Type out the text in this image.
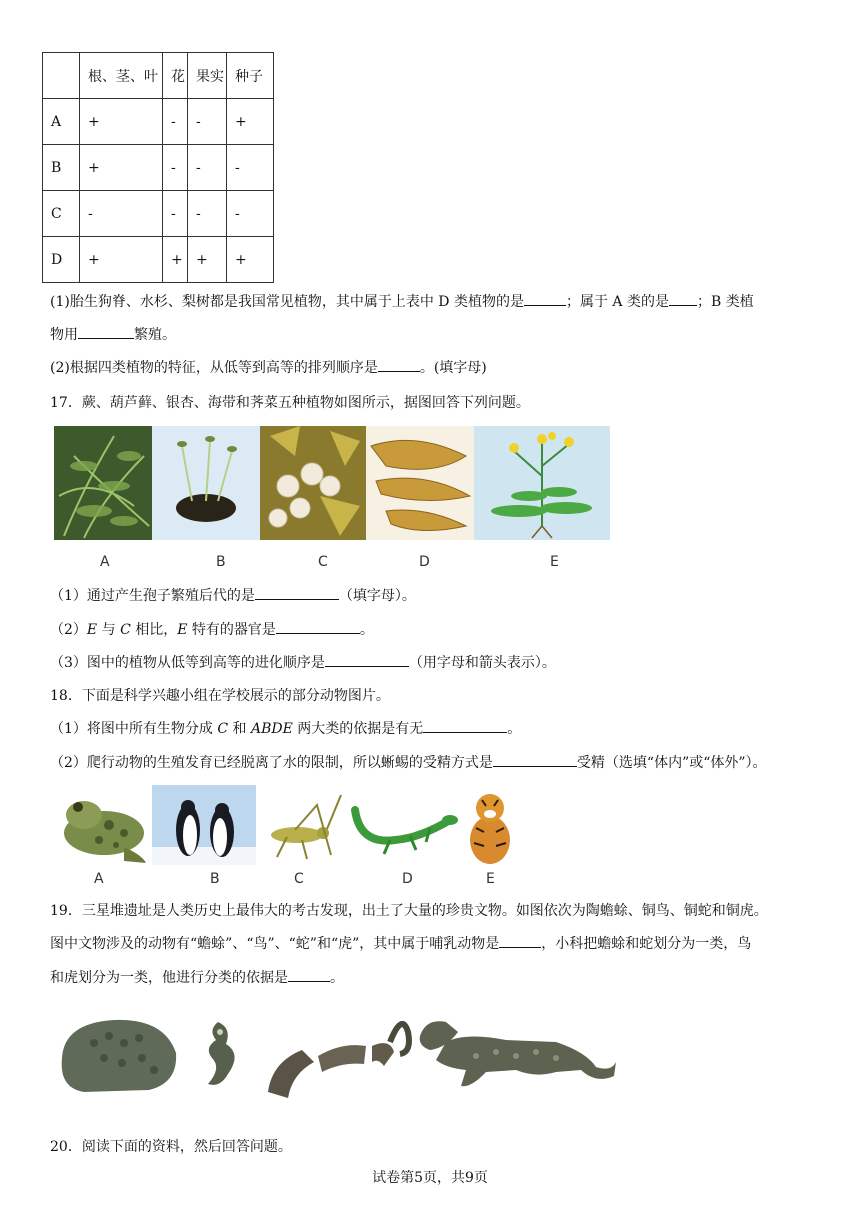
	根、茎、叶	花	果实	种子
A	+	-	-	+
B	+	-	-	-
C	-	-	-	-
D	+	+	+	+
(1)胎生狗脊、水杉、梨树都是我国常见植物，其中属于上表中 D 类植物的是	；属于 A 类的是 ；B 类植
物用	繁殖。
(2)根据四类植物的特征，从低等到高等的排列顺序是	。(填字母)
17．蕨、葫芦藓、银杏、海带和荠菜五种植物如图所示，据图回答下列问题。
A	B	C	D	E
（1）通过产生孢子繁殖后代的是	（填字母）。
（2）E 与 C 相比，E 特有的器官是	。
（3）图中的植物从低等到高等的进化顺序是	（用字母和箭头表示）。
18．下面是科学兴趣小组在学校展示的部分动物图片。
（1）将图中所有生物分成 C 和 ABDE 两大类的依据是有无	。
（2）爬行动物的生殖发育已经脱离了水的限制，所以蜥蜴的受精方式是	受精（选填“体内”或“体外”）。
A	B	C	D	E
19．三星堆遗址是人类历史上最伟大的考古发现，出土了大量的珍贵文物。如图依次为陶蟾蜍、铜鸟、铜蛇和铜虎。
图中文物涉及的动物有“蟾蜍”、“鸟”、“蛇”和“虎”，其中属于哺乳动物是	，小科把蟾蜍和蛇划分为一类，鸟
和虎划分为一类，他进行分类的依据是	。
20．阅读下面的资料，然后回答问题。
试卷第5页，共9页
